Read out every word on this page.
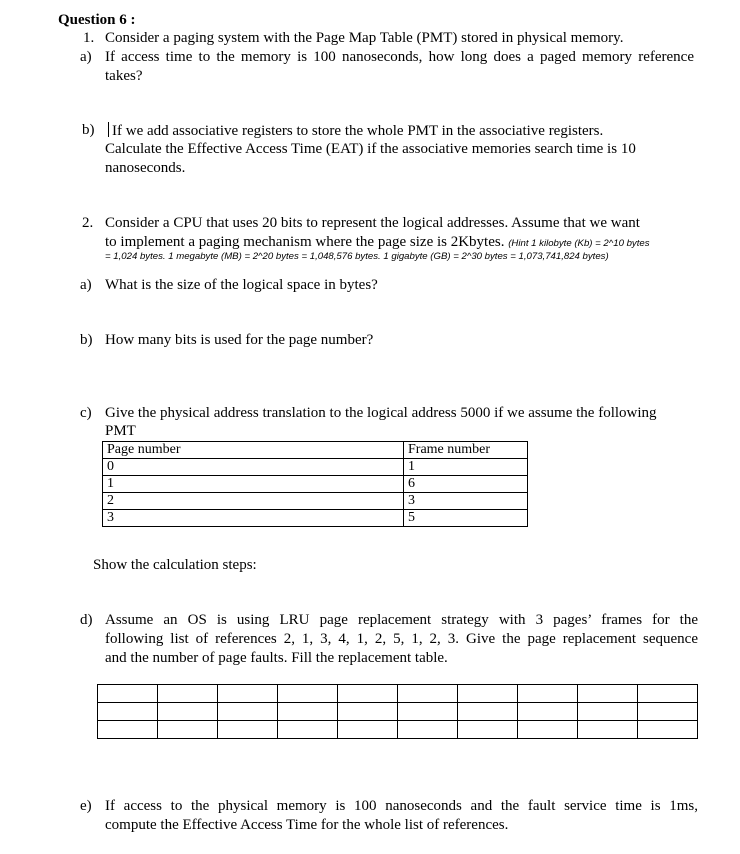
Question 6 :
1. Consider a paging system with the Page Map Table (PMT) stored in physical memory.
a) If access time to the memory is 100 nanoseconds, how long does a paged memory reference
takes?
b) If we add associative registers to store the whole PMT in the associative registers.
Calculate the Effective Access Time (EAT) if the associative memories search time is 10
nanoseconds.
2. Consider a CPU that uses 20 bits to represent the logical addresses. Assume that we want
to implement a paging mechanism where the page size is 2Kbytes. (Hint 1 kilobyte (Kb) = 2^10 bytes
= 1,024 bytes. 1 megabyte (MB) = 2^20 bytes = 1,048,576 bytes. 1 gigabyte (GB) = 2^30 bytes = 1,073,741,824 bytes)
a) What is the size of the logical space in bytes?
b) How many bits is used for the page number?
c) Give the physical address translation to the logical address 5000 if we assume the following
PMT
Page number	Frame number
0	1
1	6
2	3
3	5
Show the calculation steps:
d) Assume an OS is using LRU page replacement strategy with 3 pages’ frames for the
following list of references 2, 1, 3, 4, 1, 2, 5, 1, 2, 3. Give the page replacement sequence
and the number of page faults. Fill the replacement table.

e) If access to the physical memory is 100 nanoseconds and the fault service time is 1ms,
compute the Effective Access Time for the whole list of references.
